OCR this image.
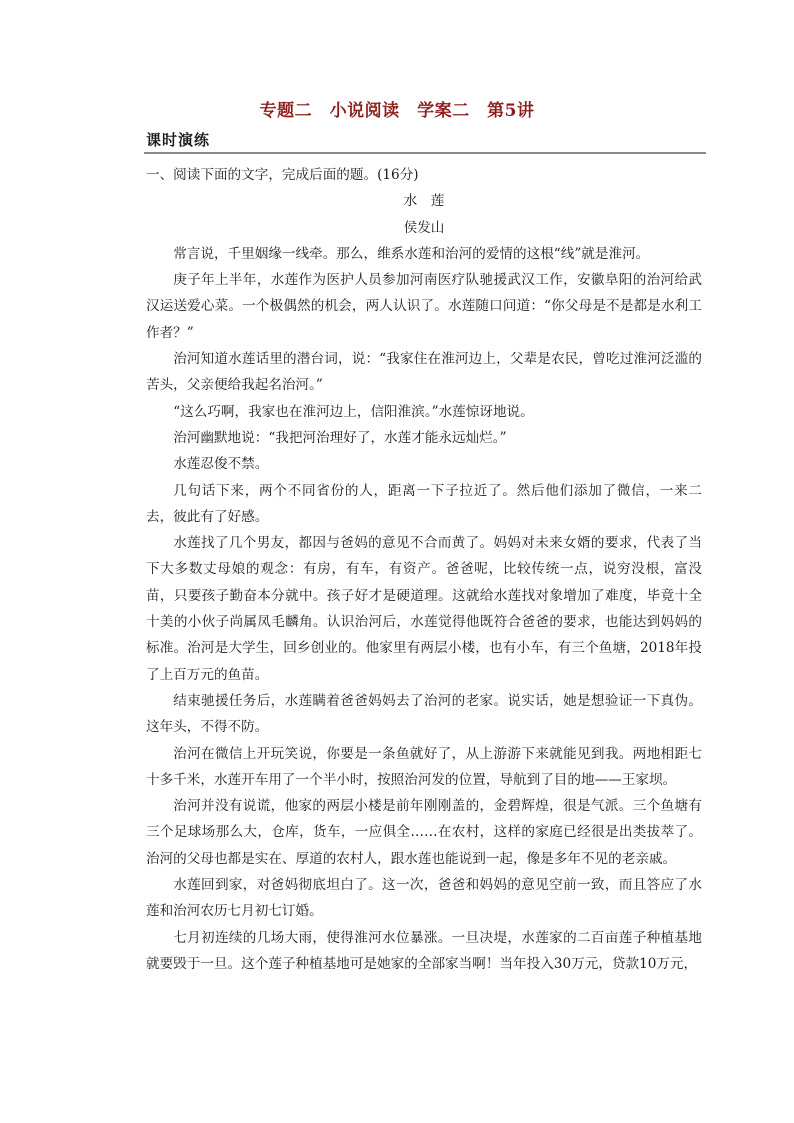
专题二　小说阅读　学案二　第5讲
课时演练

一、阅读下面的文字，完成后面的题。(16分)

水　莲

侯发山

常言说，千里姻缘一线牵。那么，维系水莲和治河的爱情的这根“线”就是淮河。

庚子年上半年，水莲作为医护人员参加河南医疗队驰援武汉工作，安徽阜阳的治河给武汉运送爱心菜。一个极偶然的机会，两人认识了。水莲随口问道：“你父母是不是都是水利工作者？”

治河知道水莲话里的潜台词，说：“我家住在淮河边上，父辈是农民，曾吃过淮河泛滥的苦头，父亲便给我起名治河。”

“这么巧啊，我家也在淮河边上，信阳淮滨。”水莲惊讶地说。

治河幽默地说：“我把河治理好了，水莲才能永远灿烂。”

水莲忍俊不禁。

几句话下来，两个不同省份的人，距离一下子拉近了。然后他们添加了微信，一来二去，彼此有了好感。

水莲找了几个男友，都因与爸妈的意见不合而黄了。妈妈对未来女婿的要求，代表了当下大多数丈母娘的观念：有房，有车，有资产。爸爸呢，比较传统一点，说穷没根，富没苗，只要孩子勤奋本分就中。孩子好才是硬道理。这就给水莲找对象增加了难度，毕竟十全十美的小伙子尚属凤毛麟角。认识治河后，水莲觉得他既符合爸爸的要求，也能达到妈妈的标准。治河是大学生，回乡创业的。他家里有两层小楼，也有小车，有三个鱼塘，2018年投了上百万元的鱼苗。

结束驰援任务后，水莲瞒着爸爸妈妈去了治河的老家。说实话，她是想验证一下真伪。这年头，不得不防。

治河在微信上开玩笑说，你要是一条鱼就好了，从上游游下来就能见到我。两地相距七十多千米，水莲开车用了一个半小时，按照治河发的位置，导航到了目的地——王家坝。

治河并没有说谎，他家的两层小楼是前年刚刚盖的，金碧辉煌，很是气派。三个鱼塘有三个足球场那么大，仓库，货车，一应俱全……在农村，这样的家庭已经很是出类拔萃了。治河的父母也都是实在、厚道的农村人，跟水莲也能说到一起，像是多年不见的老亲戚。

水莲回到家，对爸妈彻底坦白了。这一次，爸爸和妈妈的意见空前一致，而且答应了水莲和治河农历七月初七订婚。

七月初连续的几场大雨，使得淮河水位暴涨。一旦决堤，水莲家的二百亩莲子种植基地就要毁于一旦。这个莲子种植基地可是她家的全部家当啊！当年投入30万元，贷款10万元，
